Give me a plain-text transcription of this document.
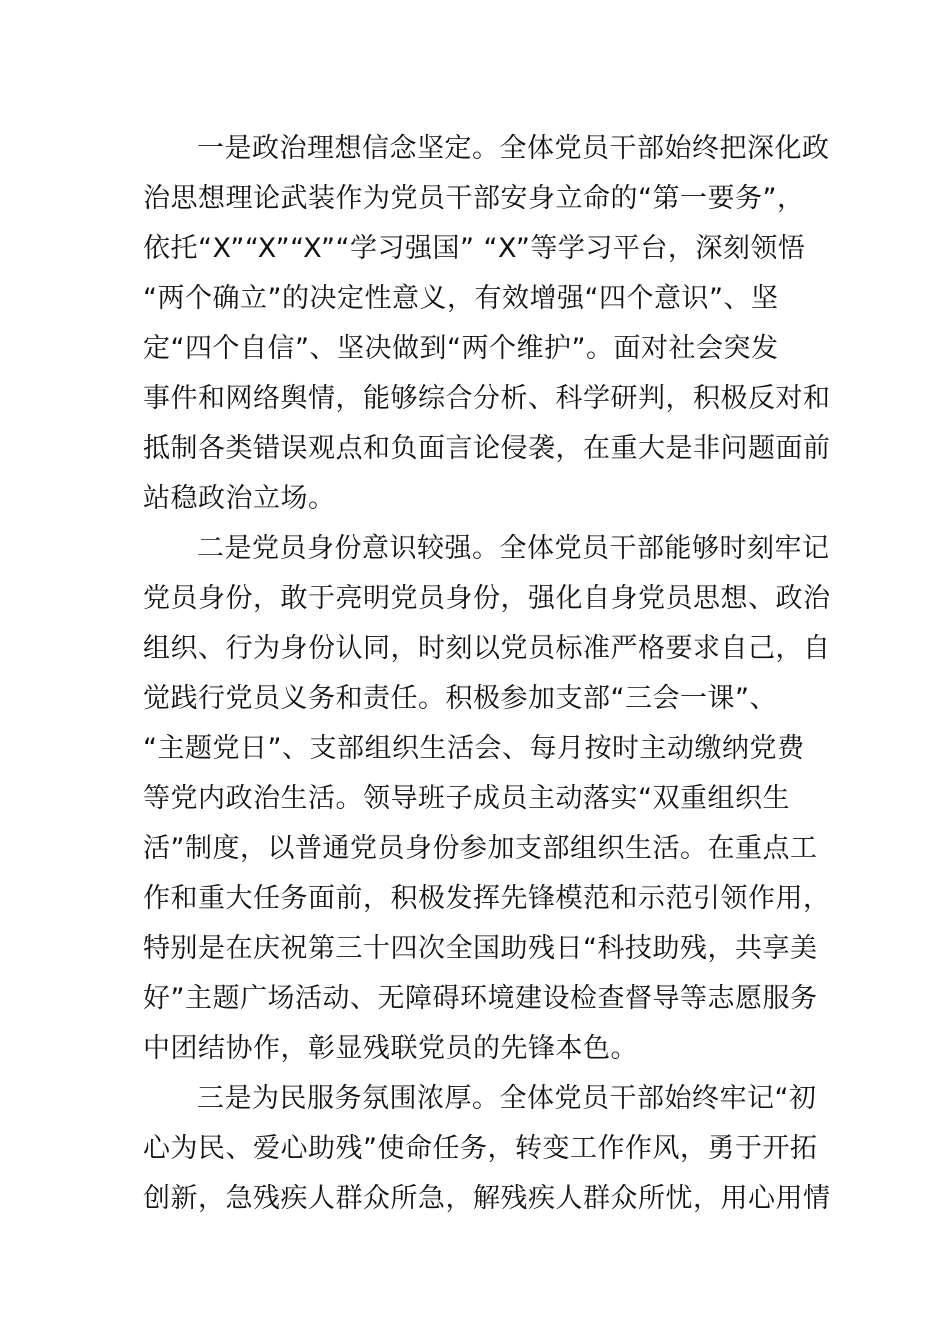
一是政治理想信念坚定。全体党员干部始终把深化政
治思想理论武装作为党员干部安身立命的“第一要务”，
依托“X”“X”“X”“学习强国” “X”等学习平台，深刻领悟
“两个确立”的决定性意义，有效增强“四个意识”、坚
定“四个自信”、坚决做到“两个维护”。面对社会突发
事件和网络舆情，能够综合分析、科学研判，积极反对和
抵制各类错误观点和负面言论侵袭，在重大是非问题面前
站稳政治立场。
二是党员身份意识较强。全体党员干部能够时刻牢记
党员身份，敢于亮明党员身份，强化自身党员思想、政治
组织、行为身份认同，时刻以党员标准严格要求自己，自
觉践行党员义务和责任。积极参加支部“三会一课”、
“主题党日”、支部组织生活会、每月按时主动缴纳党费
等党内政治生活。领导班子成员主动落实“双重组织生
活”制度，以普通党员身份参加支部组织生活。在重点工
作和重大任务面前，积极发挥先锋模范和示范引领作用，
特别是在庆祝第三十四次全国助残日“科技助残，共享美
好”主题广场活动、无障碍环境建设检查督导等志愿服务
中团结协作，彰显残联党员的先锋本色。
三是为民服务氛围浓厚。全体党员干部始终牢记“初
心为民、爱心助残”使命任务，转变工作作风，勇于开拓
创新，急残疾人群众所急，解残疾人群众所忧，用心用情
